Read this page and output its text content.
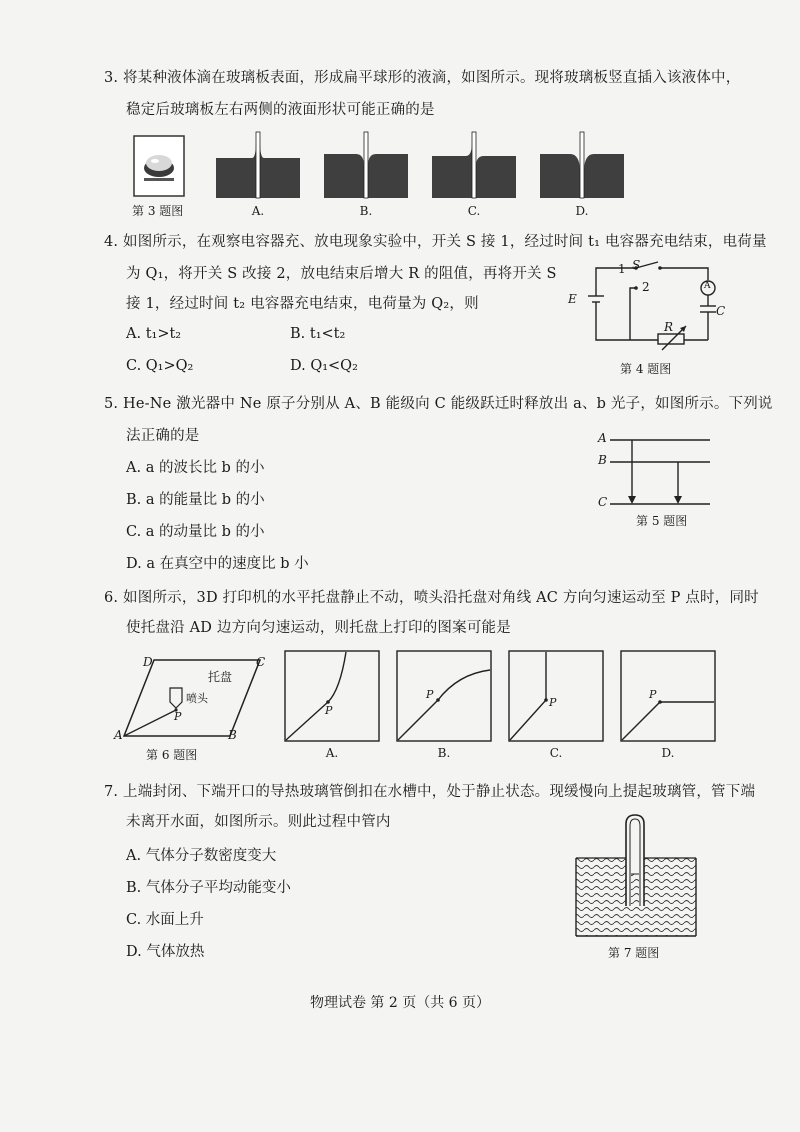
3. 将某种液体滴在玻璃板表面，形成扁平球形的液滴，如图所示。现将玻璃板竖直插入该液体中，
稳定后玻璃板左右两侧的液面形状可能正确的是
第 3 题图	A.	B.	C.	D.
4. 如图所示，在观察电容器充、放电现象实验中，开关 S 接 1，经过时间 t₁ 电容器充电结束，电荷量
为 Q₁，将开关 S 改接 2，放电结束后增大 R 的阻值，再将开关 S
接 1，经过时间 t₂ 电容器充电结束，电荷量为 Q₂，则
A. t₁>t₂	B. t₁<t₂
C. Q₁>Q₂	D. Q₁<Q₂
S
1
2
E
A
C
R
第 4 题图
5. He-Ne 激光器中 Ne 原子分别从 A、B 能级向 C 能级跃迁时释放出 a、b 光子，如图所示。下列说
法正确的是
A. a 的波长比 b 的小
B. a 的能量比 b 的小
C. a 的动量比 b 的小
D. a 在真空中的速度比 b 小
A
B
C
第 5 题图
6. 如图所示，3D 打印机的水平托盘静止不动，喷头沿托盘对角线 AC 方向匀速运动至 P 点时，同时
使托盘沿 AD 边方向匀速运动，则托盘上打印的图案可能是
D	C
A	B
P
托盘
喷头
第 6 题图
P
A.
P
B.
P
C.
P
D.
7. 上端封闭、下端开口的导热玻璃管倒扣在水槽中，处于静止状态。现缓慢向上提起玻璃管，管下端
未离开水面，如图所示。则此过程中管内
A. 气体分子数密度变大
B. 气体分子平均动能变小
C. 水面上升
D. 气体放热	第 7 题图
物理试卷 第 2 页（共 6 页）
